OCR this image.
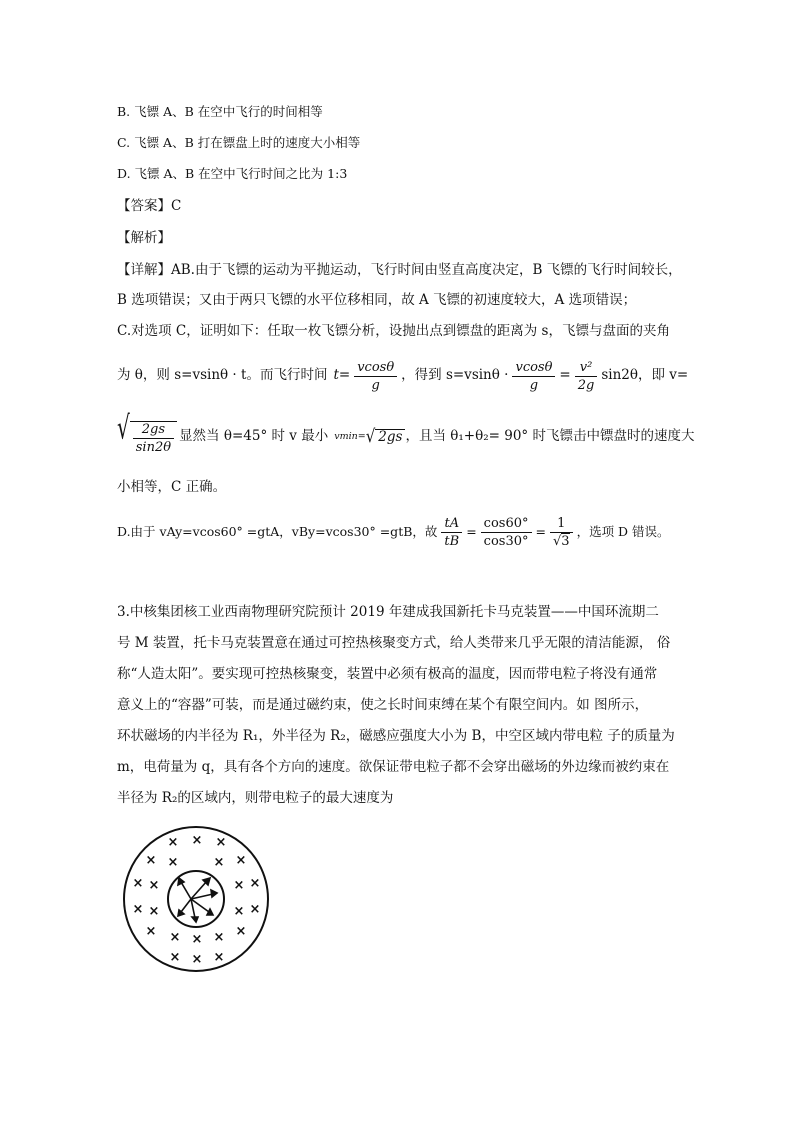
B. 飞镖 A、B 在空中飞行的时间相等
C. 飞镖 A、B 打在镖盘上时的速度大小相等
D. 飞镖 A、B 在空中飞行时间之比为 1:3
【答案】C
【解析】
【详解】AB.由于飞镖的运动为平抛运动，飞行时间由竖直高度决定，B 飞镖的飞行时间较长，
B 选项错误；又由于两只飞镖的水平位移相同，故 A 飞镖的初速度较大，A 选项错误；
C.对选项 C，证明如下：任取一枚飞镖分析，设抛出点到镖盘的距离为 s，飞镖与盘面的夹角
为 θ，则 s=vsinθ · t。而飞行时间 $t= \frac{vcos\theta}{g}$ ，得到 $s=vsin\theta \cdot \frac{vcos\theta}{g} = \frac{\text{v²}}{2g} \sin 2\theta$ ，即 v=
√ $\frac{2gs}{\sin 2\theta}$ 显然当 θ=45° 时 v 最小 vmin= √ 2gs ，且当 θ₁+θ₂= 90° 时飞镖击中镖盘时的速度大
小相等，C 正确。
D.由于 vAy=vcos60° =gtA，vBy=vcos30° =gtB，故 $\frac{tA}{tB} = \frac{\cos 60^\circ}{\cos 30^\circ} = \frac{1}{√3}$ ，选项 D 错误。
3.中核集团核工业西南物理研究院预计 2019 年建成我国新托卡马克装置——中国环流期二
号 M 装置，托卡马克装置意在通过可控热核聚变方式，给人类带来几乎无限的清洁能源， 俗
称“人造太阳”。要实现可控热核聚变，装置中必须有极高的温度，因而带电粒子将没有通常
意义上的“容器”可装，而是通过磁约束，使之长时间束缚在某个有限空间内。如 图所示，
环状磁场的内半径为 R₁，外半径为 R₂，磁感应强度大小为 B，中空区域内带电粒 子的质量为
m，电荷量为 q，具有各个方向的速度。欲保证带电粒子都不会穿出磁场的外边缘而被约束在
半径为 R₂的区域内，则带电粒子的最大速度为
× × ×
× ×	× ×
× ×	× ×
× ×	× ×
× × × × ×
× × ×
